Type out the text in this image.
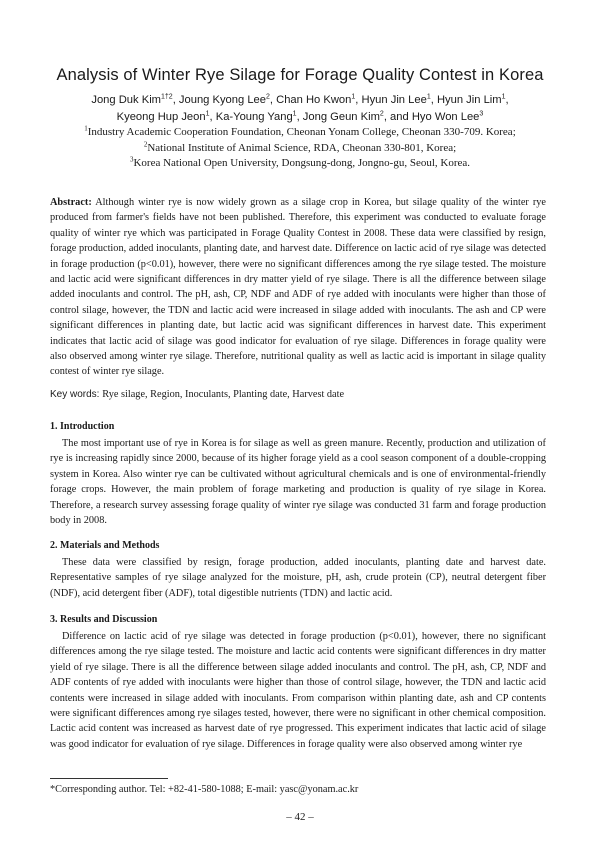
Analysis of Winter Rye Silage for Forage Quality Contest in Korea

Jong Duk Kim$^{1\dagger 2}$, Joung Kyong Lee$^2$, Chan Ho Kwon$^1$, Hyun Jin Lee$^1$, Hyun Jin Lim$^1$,

Kyeong Hup Jeon$^1$, Ka-Young Yang$^1$, Jong Geun Kim$^2$, and Hyo Won Lee$^3$

$^1$Industry Academic Cooperation Foundation, Cheonan Yonam College, Cheonan 330-709. Korea;

$^2$National Institute of Animal Science, RDA, Cheonan 330-801, Korea;

$^3$Korea National Open University, Dongsung-dong, Jongno-gu, Seoul, Korea.

Abstract: Although winter rye is now widely grown as a silage crop in Korea, but silage quality of the winter rye produced from farmer's fields have not been published. Therefore, this experiment was conducted to evaluate forage quality of winter rye which was participated in Forage Quality Contest in 2008. These data were classified by resign, forage production, added inoculants, planting date, and harvest date. Difference on lactic acid of rye silage was detected in forage production (p<0.01), however, there were no significant differences among the rye silage tested. The moisture and lactic acid were significant differences in dry matter yield of rye silage. There is all the difference between silage added inoculants and control. The pH, ash, CP, NDF and ADF of rye added with inoculants were higher than those of control silage, however, the TDN and lactic acid were increased in silage added with inoculants. The ash and CP were significant differences in planting date, but lactic acid was significant differences in harvest date. This experiment indicates that lactic acid of silage was good indicator for evaluation of rye silage. Differences in forage quality were also observed among winter rye silage. Therefore, nutritional quality as well as lactic acid is important in silage quality contest of winter rye silage.

Key words: Rye silage, Region, Inoculants, Planting date, Harvest date

1. Introduction

The most important use of rye in Korea is for silage as well as green manure. Recently, production and utilization of rye is increasing rapidly since 2000, because of its higher forage yield as a cool season component of a double-cropping system in Korea. Also winter rye can be cultivated without agricultural chemicals and is one of environmental-friendly forage crops. However, the main problem of forage marketing and production is quality of rye silage in Korea. Therefore, a research survey assessing forage quality of winter rye silage was conducted 31 farm and forage production body in 2008.

2. Materials and Methods

These data were classified by resign, forage production, added inoculants, planting date and harvest date. Representative samples of rye silage analyzed for the moisture, pH, ash, crude protein (CP), neutral detergent fiber (NDF), acid detergent fiber (ADF), total digestible nutrients (TDN) and lactic acid.

3. Results and Discussion

Difference on lactic acid of rye silage was detected in forage production (p<0.01), however, there no significant differences among the rye silage tested. The moisture and lactic acid contents were significant differences in dry matter yield of rye silage. There is all the difference between silage added inoculants and control. The pH, ash, CP, NDF and ADF contents of rye added with inoculants were higher than those of control silage, however, the TDN and lactic acid contents were increased in silage added with inoculants. From comparison within planting date, ash and CP contents were significant differences among rye silages tested, however, there were no significant in other chemical composition. Lactic acid content was increased as harvest date of rye progressed. This experiment indicates that lactic acid of silage was good indicator for evaluation of rye silage. Differences in forage quality were also observed among winter rye

*Corresponding author. Tel: +82-41-580-1088; E-mail: yasc@yonam.ac.kr

– 42 –
